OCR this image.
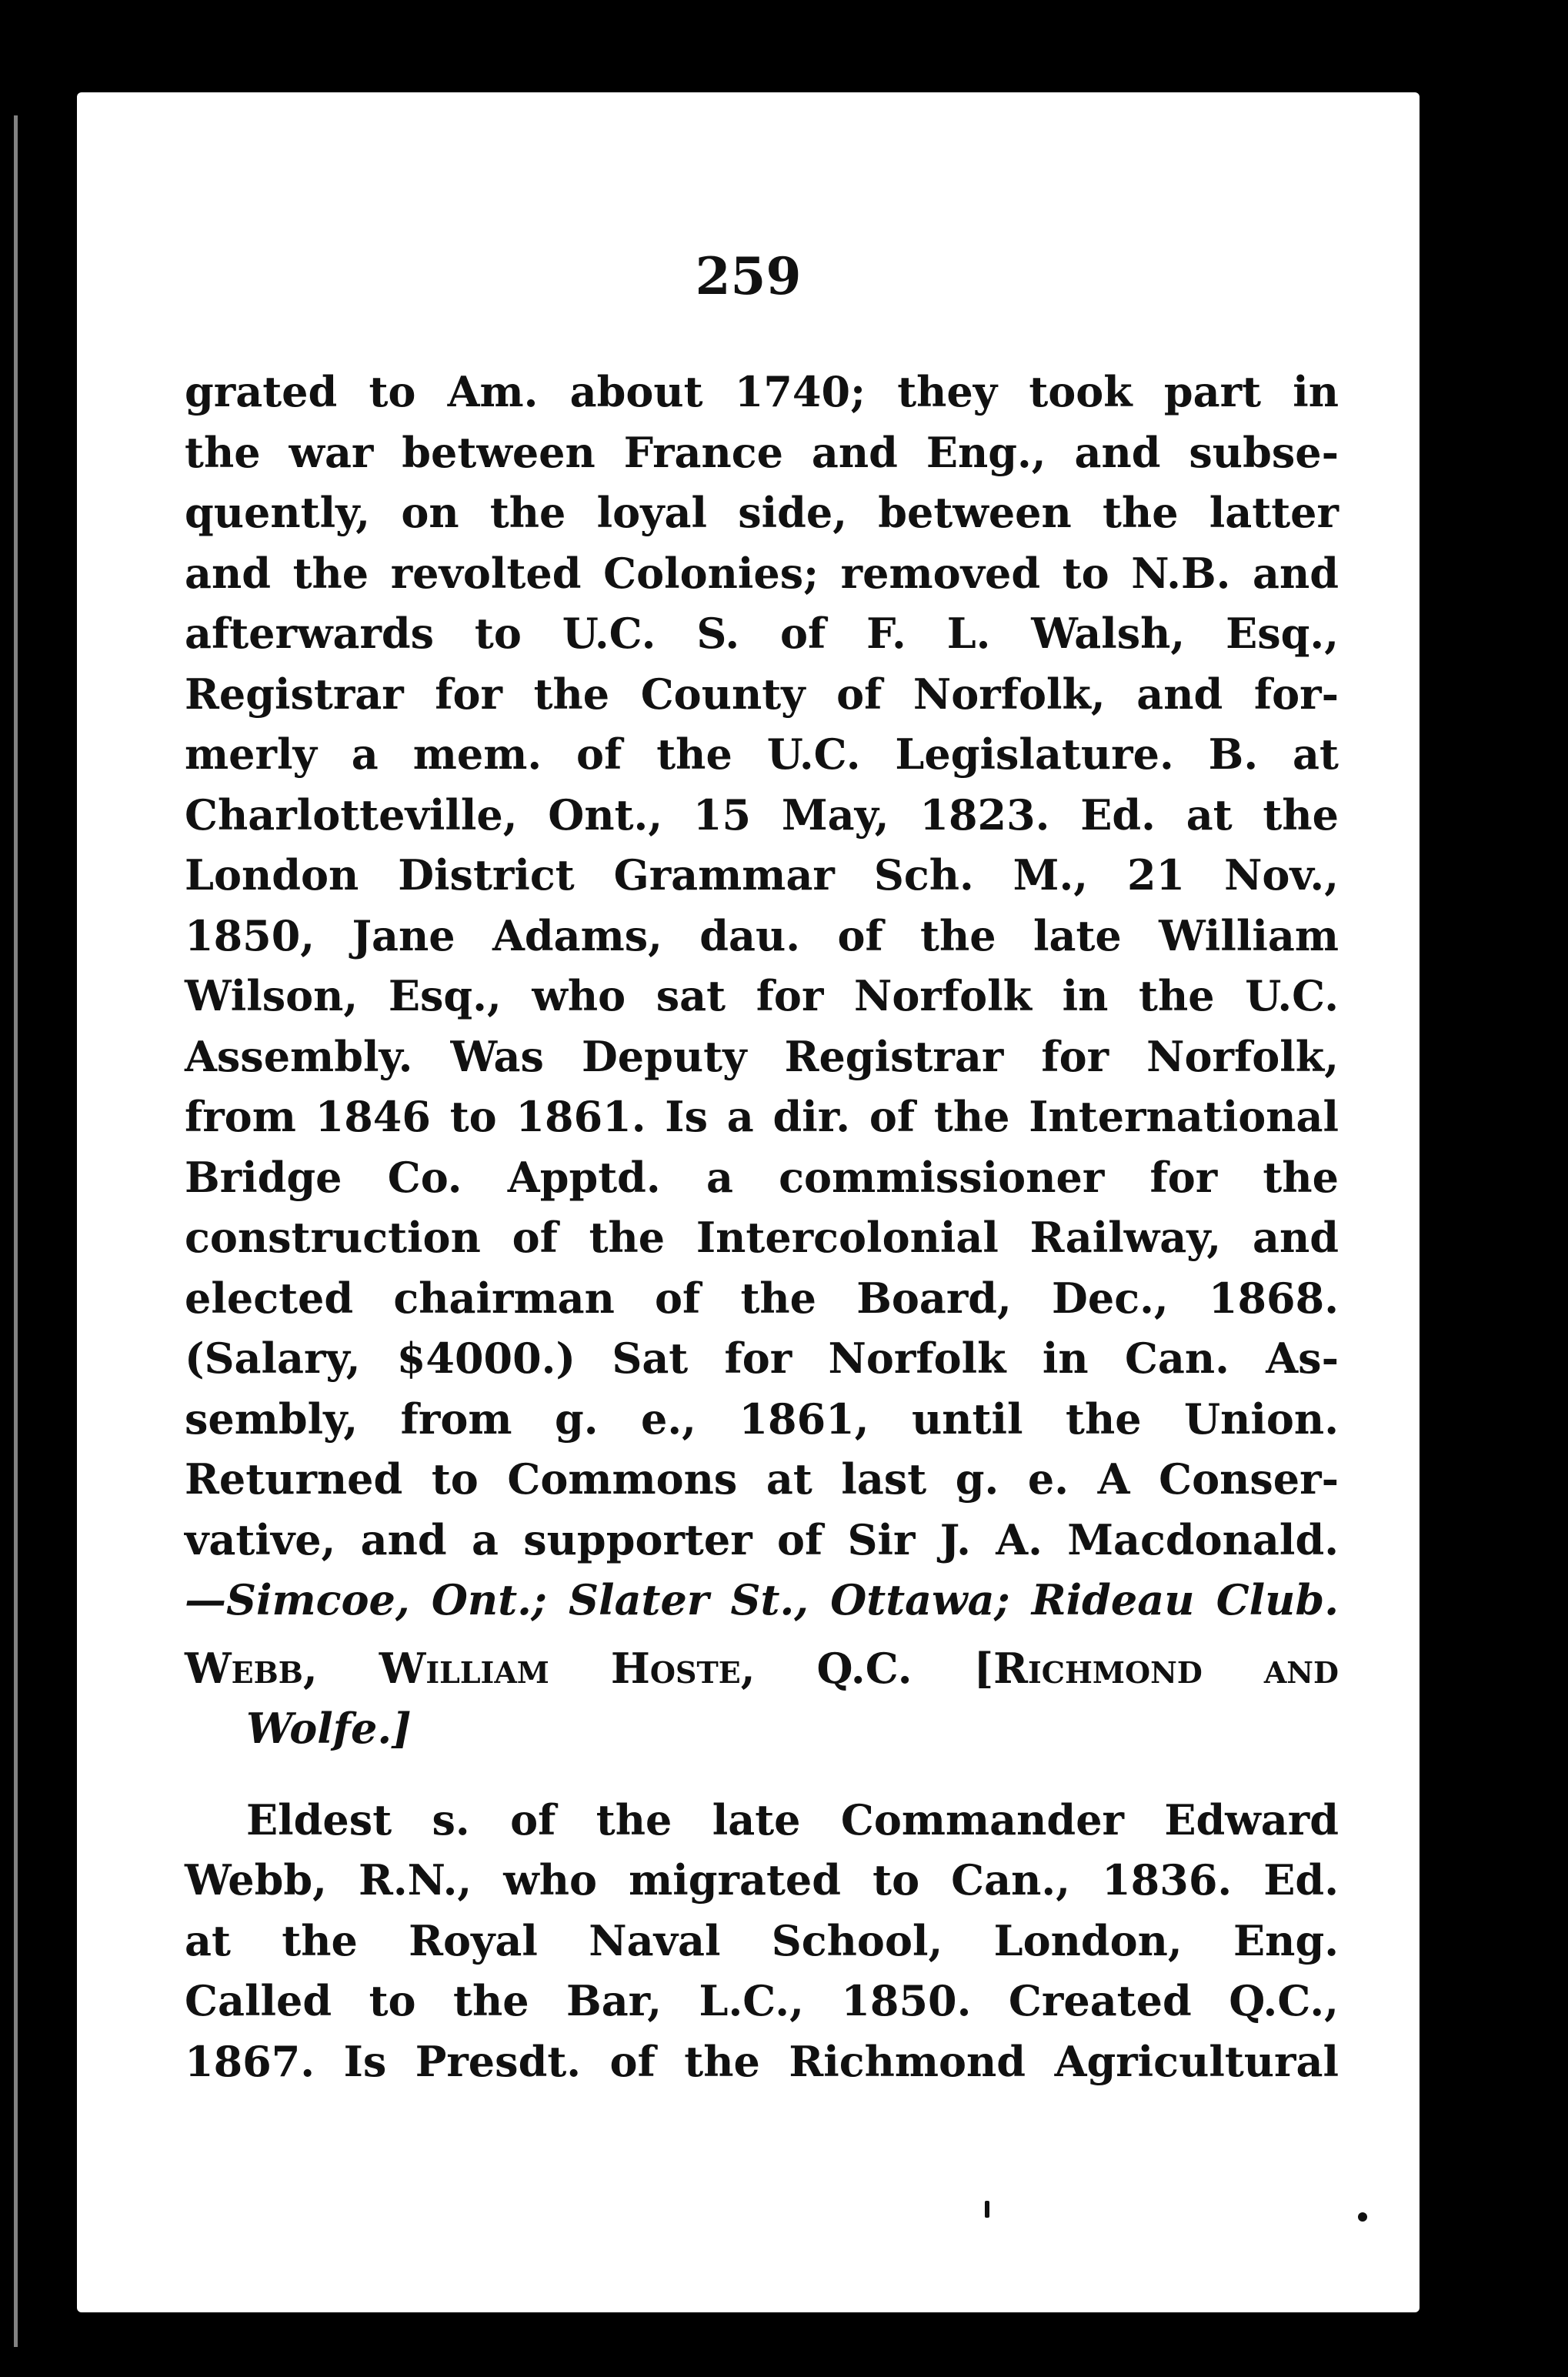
259
grated to Am. about 1740; they took part in
the war between France and Eng., and subse-
quently, on the loyal side, between the latter
and the revolted Colonies; removed to N.B. and
afterwards to U.C. S. of F. L. Walsh, Esq.,
Registrar for the County of Norfolk, and for-
merly a mem. of the U.C. Legislature. B. at
Charlotteville, Ont., 15 May, 1823. Ed. at the
London District Grammar Sch. M., 21 Nov.,
1850, Jane Adams, dau. of the late William
Wilson, Esq., who sat for Norfolk in the U.C.
Assembly. Was Deputy Registrar for Norfolk,
from 1846 to 1861. Is a dir. of the International
Bridge Co. Apptd. a commissioner for the
construction of the Intercolonial Railway, and
elected chairman of the Board, Dec., 1868.
(Salary, $4000.) Sat for Norfolk in Can. As-
sembly, from g. e., 1861, until the Union.
Returned to Commons at last g. e. A Conser-
vative, and a supporter of Sir J. A. Macdonald.
—Simcoe, Ont.; Slater St., Ottawa; Rideau Club.
Webb, William Hoste, Q.C. [Richmond and
Wolfe.]
Eldest s. of the late Commander Edward
Webb, R.N., who migrated to Can., 1836. Ed.
at the Royal Naval School, London, Eng.
Called to the Bar, L.C., 1850. Created Q.C.,
1867. Is Presdt. of the Richmond Agricultural
